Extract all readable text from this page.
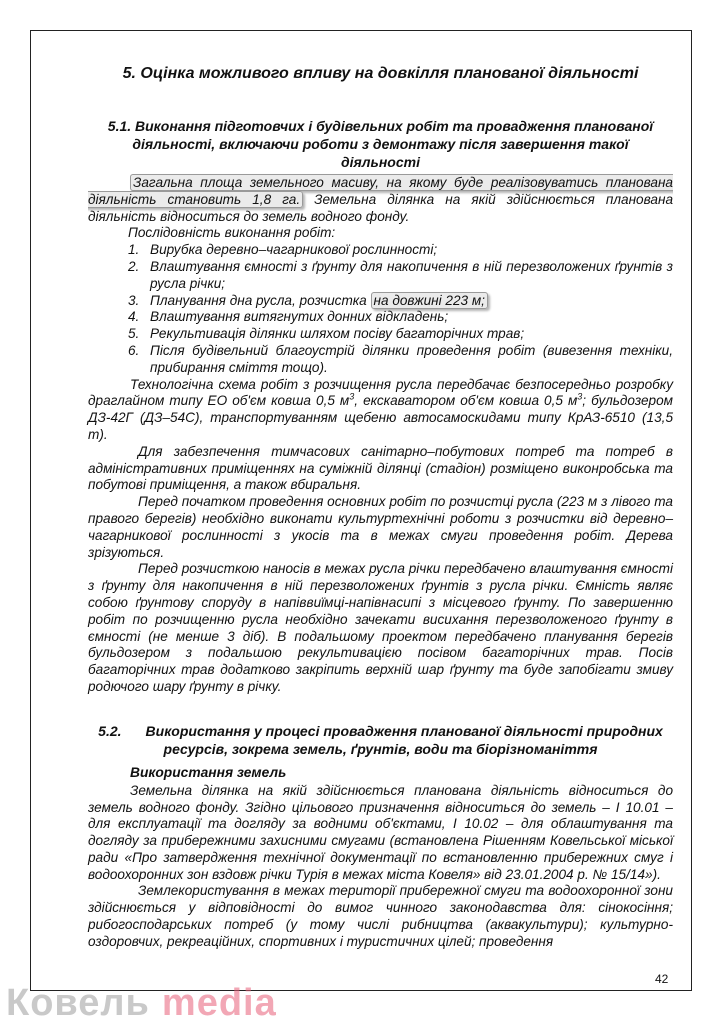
5. Оцінка можливого впливу на довкілля планованої діяльності
5.1. Виконання підготовчих і будівельних робіт та провадження планованої
діяльності, включаючи роботи з демонтажу після завершення такої
діяльності

Загальна площа земельного масиву, на якому буде реалізовуватись планована діяльність становить 1,8 га. Земельна ділянка на якій здійснюється планована діяльність відноситься до земель водного фонду.

Послідовність виконання робіт:

1. Вирубка деревно–чагарникової рослинності;
2. Влаштування ємності з ґрунту для накопичення в ній перезволожених ґрунтів з русла річки;
3. Планування дна русла, розчистка на довжині 223 м;
4. Влаштування витягнутих донних відкладень;
5. Рекультивація ділянки шляхом посіву багаторічних трав;
6. Після будівельний благоустрій ділянки проведення робіт (вивезення техніки, прибирання сміття тощо).

Технологічна схема робіт з розчищення русла передбачає безпосередньо розробку драглайном типу ЕО об'єм ковша 0,5 $м^3$, екскаватором об'єм ковша 0,5 $м^3$; бульдозером ДЗ-42Г (ДЗ–54С), транспортуванням щебеню автосамоскидами типу КрАЗ-6510 (13,5 т).

Для забезпечення тимчасових санітарно–побутових потреб та потреб в адміністративних приміщеннях на суміжній ділянці (стадіон) розміщено виконробська та побутові приміщення, а також вбиральня.

Перед початком проведення основних робіт по розчистці русла (223 м з лівого та правого берегів) необхідно виконати культуртехнічні роботи з розчистки від деревно–чагарникової рослинності з укосів та в межах смуги проведення робіт. Дерева зрізуються.

Перед розчисткою наносів в межах русла річки передбачено влаштування ємності з ґрунту для накопичення в ній перезволожених ґрунтів з русла річки. Ємність являє собою ґрунтову споруду в напіввиїмці-напівнасипі з місцевого ґрунту. По завершенню робіт по розчищенню русла необхідно зачекати висихання перезволоженого ґрунту в ємності (не менше 3 діб). В подальшому проектом передбачено планування берегів бульдозером з подальшою рекультивацією посівом багаторічних трав. Посів багаторічних трав додатково закріпить верхній шар ґрунту та буде запобігати змиву родючого шару ґрунту в річку.

5.2. Використання у процесі провадження планованої діяльності природних
ресурсів, зокрема земель, ґрунтів, води та біорізноманіття
Використання земель

Земельна ділянка на якій здійснюється планована діяльність відноситься до земель водного фонду. Згідно цільового призначення відноситься до земель – І 10.01 – для експлуатації та догляду за водними об'єктами, І 10.02 – для облаштування та догляду за прибережними захисними смугами (встановлена Рішенням Ковельської міської ради «Про затвердження технічної документації по встановленню прибережних смуг і водоохоронних зон вздовж річки Турія в межах міста Ковеля» від 23.01.2004 р. № 15/14»).

Землекористування в межах території прибережної смуги та водоохоронної зони здійснюється у відповідності до вимог чинного законодавства для: сінокосіння; рибогосподарських потреб (у тому числі рибництва (аквакультури); культурно-оздоровчих, рекреаційних, спортивних і туристичних цілей; проведення

42
Ковель media
